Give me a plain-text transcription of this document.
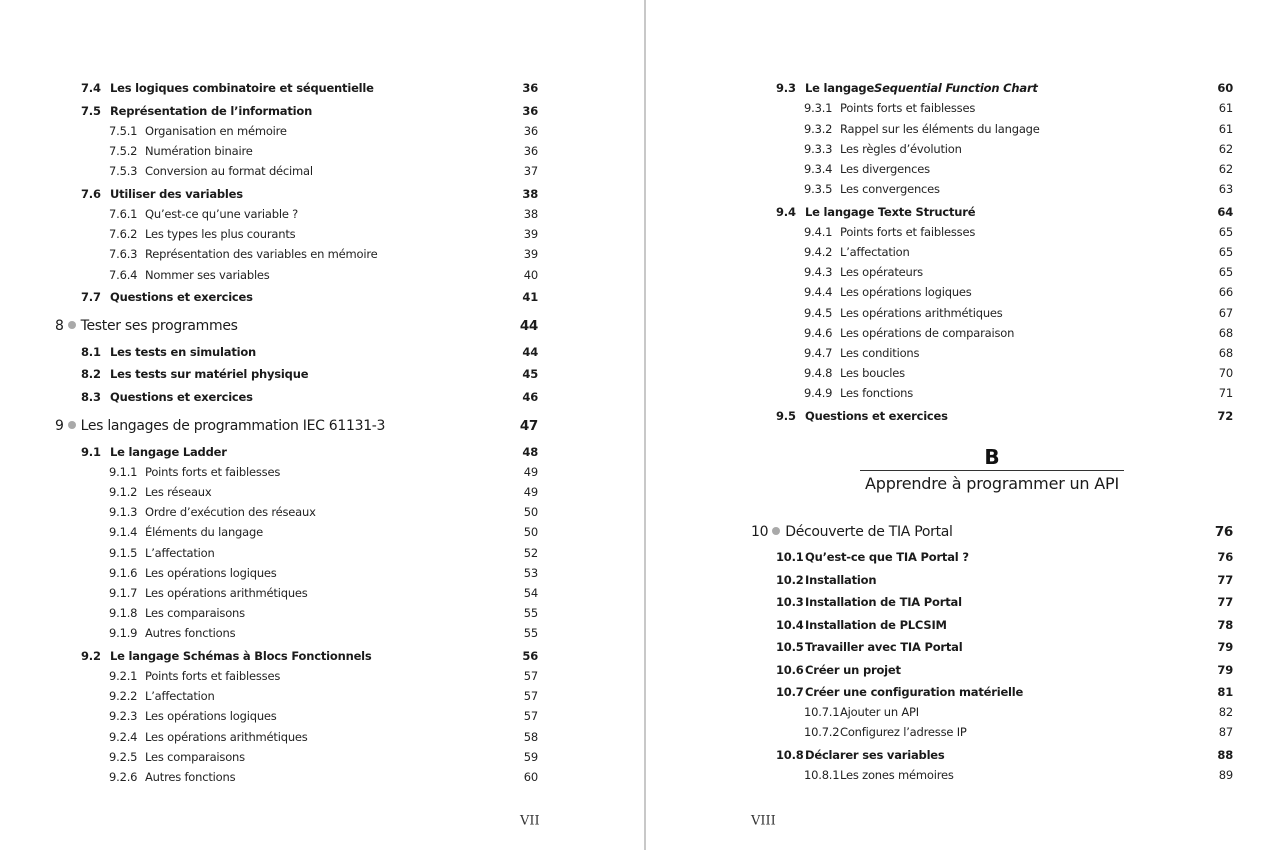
7.4 Les logiques combinatoire et séquentielle	36
7.5 Représentation de l’information	36
7.5.1 Organisation en mémoire	36
7.5.2 Numération binaire	36
7.5.3 Conversion au format décimal	37
7.6 Utiliser des variables	38
7.6.1 Qu’est-ce qu’une variable ?	38
7.6.2 Les types les plus courants	39
7.6.3 Représentation des variables en mémoire	39
7.6.4 Nommer ses variables	40
7.7 Questions et exercices	41
8 Tester ses programmes	44
8.1 Les tests en simulation	44
8.2 Les tests sur matériel physique	45
8.3 Questions et exercices	46
9 Les langages de programmation IEC 61131-3	47
9.1 Le langage Ladder	48
9.1.1 Points forts et faiblesses	49
9.1.2 Les réseaux	49
9.1.3 Ordre d’exécution des réseaux	50
9.1.4 Éléments du langage	50
9.1.5 L’affectation	52
9.1.6 Les opérations logiques	53
9.1.7 Les opérations arithmétiques	54
9.1.8 Les comparaisons	55
9.1.9 Autres fonctions	55
9.2 Le langage Schémas à Blocs Fonctionnels	56
9.2.1 Points forts et faiblesses	57
9.2.2 L’affectation	57
9.2.3 Les opérations logiques	57
9.2.4 Les opérations arithmétiques	58
9.2.5 Les comparaisons	59
9.2.6 Autres fonctions	60
9.3 Le langage Sequential Function Chart	60
9.3.1 Points forts et faiblesses	61
9.3.2 Rappel sur les éléments du langage	61
9.3.3 Les règles d’évolution	62
9.3.4 Les divergences	62
9.3.5 Les convergences	63
9.4 Le langage Texte Structuré	64
9.4.1 Points forts et faiblesses	65
9.4.2 L’affectation	65
9.4.3 Les opérateurs	65
9.4.4 Les opérations logiques	66
9.4.5 Les opérations arithmétiques	67
9.4.6 Les opérations de comparaison	68
9.4.7 Les conditions	68
9.4.8 Les boucles	70
9.4.9 Les fonctions	71
9.5 Questions et exercices	72
10 Découverte de TIA Portal	76
10.1 Qu’est-ce que TIA Portal ?	76
10.2 Installation	77
10.3 Installation de TIA Portal	77
10.4 Installation de PLCSIM	78
10.5 Travailler avec TIA Portal	79
10.6 Créer un projet	79
10.7 Créer une configuration matérielle	81
10.7.1 Ajouter un API	82
10.7.2 Configurez l’adresse IP	87
10.8 Déclarer ses variables	88
10.8.1 Les zones mémoires	89
VII	VIII
B
Apprendre à programmer un API
